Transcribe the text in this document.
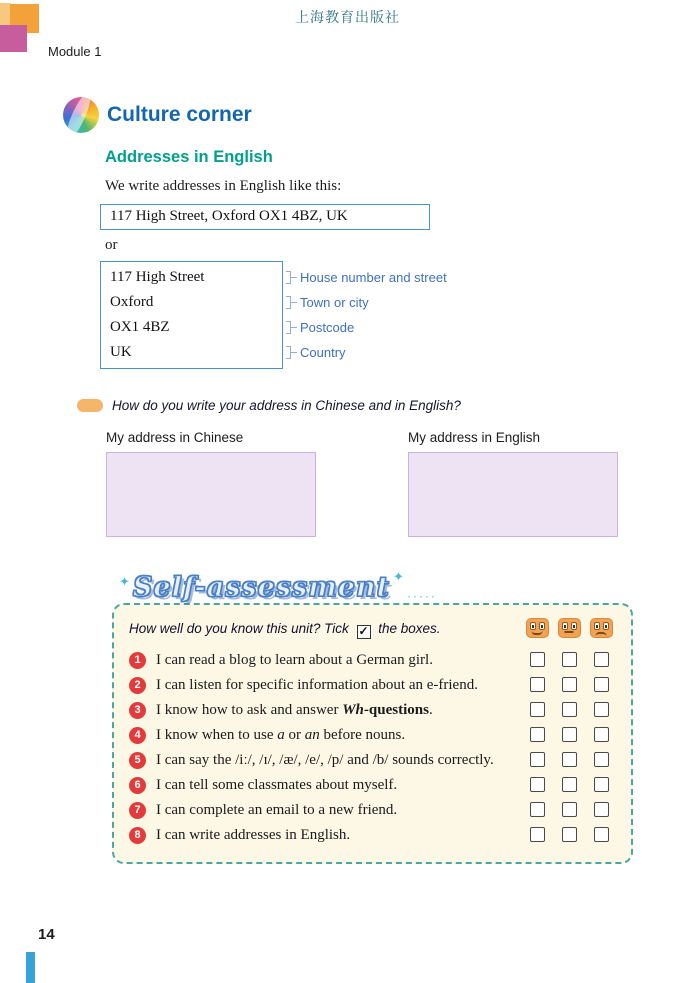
上海教育出版社
Module 1
Culture corner
Addresses in English
We write addresses in English like this:
117 High Street, Oxford OX1 4BZ, UK
or
117 High Street
Oxford
OX1 4BZ
UK
House number and street
Town or city
Postcode
Country
How do you write your address in Chinese and in English?
My address in Chinese	My address in English
✦ Self-assessment ✦
·····
How well do you know this unit? Tick ✓ the boxes.
1	I can read a blog to learn about a German girl.
2	I can listen for specific information about an e-friend.
3	I know how to ask and answer Wh-questions.
4	I know when to use a or an before nouns.
5	I can say the /iː/, /ɪ/, /æ/, /e/, /p/ and /b/ sounds correctly.
6	I can tell some classmates about myself.
7	I can complete an email to a new friend.
8	I can write addresses in English.
14
